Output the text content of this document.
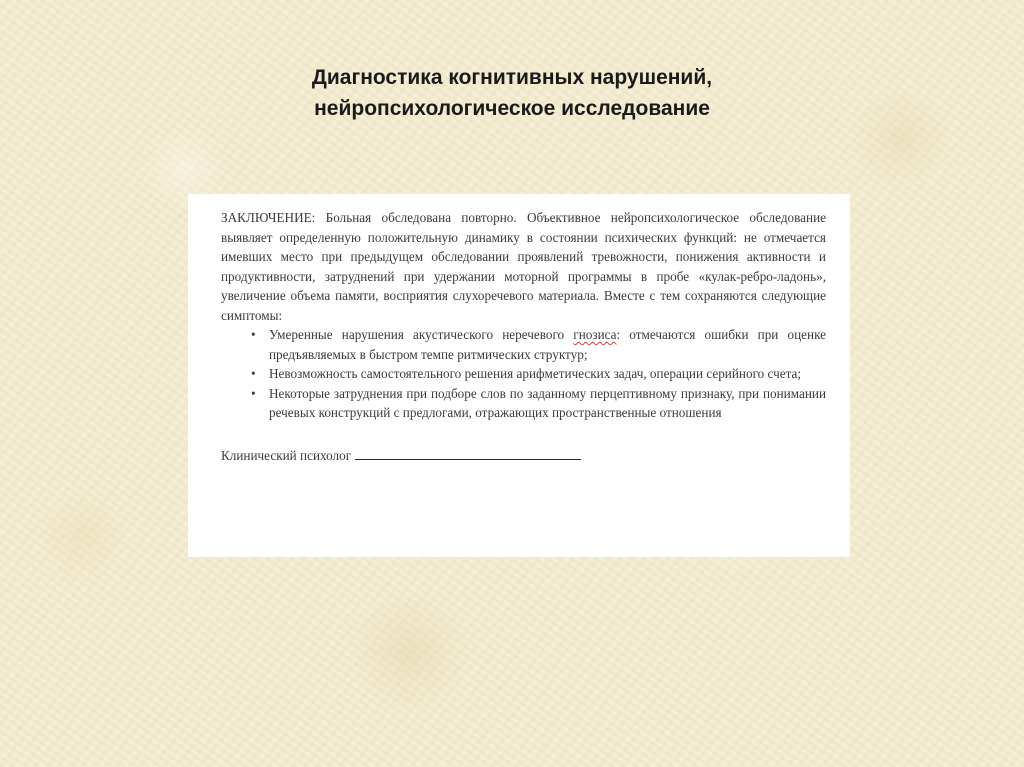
Диагностика когнитивных нарушений,
нейропсихологическое исследование

ЗАКЛЮЧЕНИЕ: Больная обследована повторно. Объективное нейропсихологическое обследование выявляет определенную положительную динамику в состоянии психических функций: не отмечается имевших место при предыдущем обследовании проявлений тревожности, понижения активности и продуктивности, затруднений при удержании моторной программы в пробе «кулак-ребро-ладонь», увеличение объема памяти, восприятия слухоречевого материала. Вместе с тем сохраняются следующие симптомы:

• Умеренные нарушения акустического неречевого гнозиса: отмечаются ошибки при оценке предъявляемых в быстром темпе ритмических структур;
• Невозможность самостоятельного решения арифметических задач, операции серийного счета;
• Некоторые затруднения при подборе слов по заданному перцептивному признаку, при понимании речевых конструкций с предлогами, отражающих пространственные отношения
Клинический психолог
